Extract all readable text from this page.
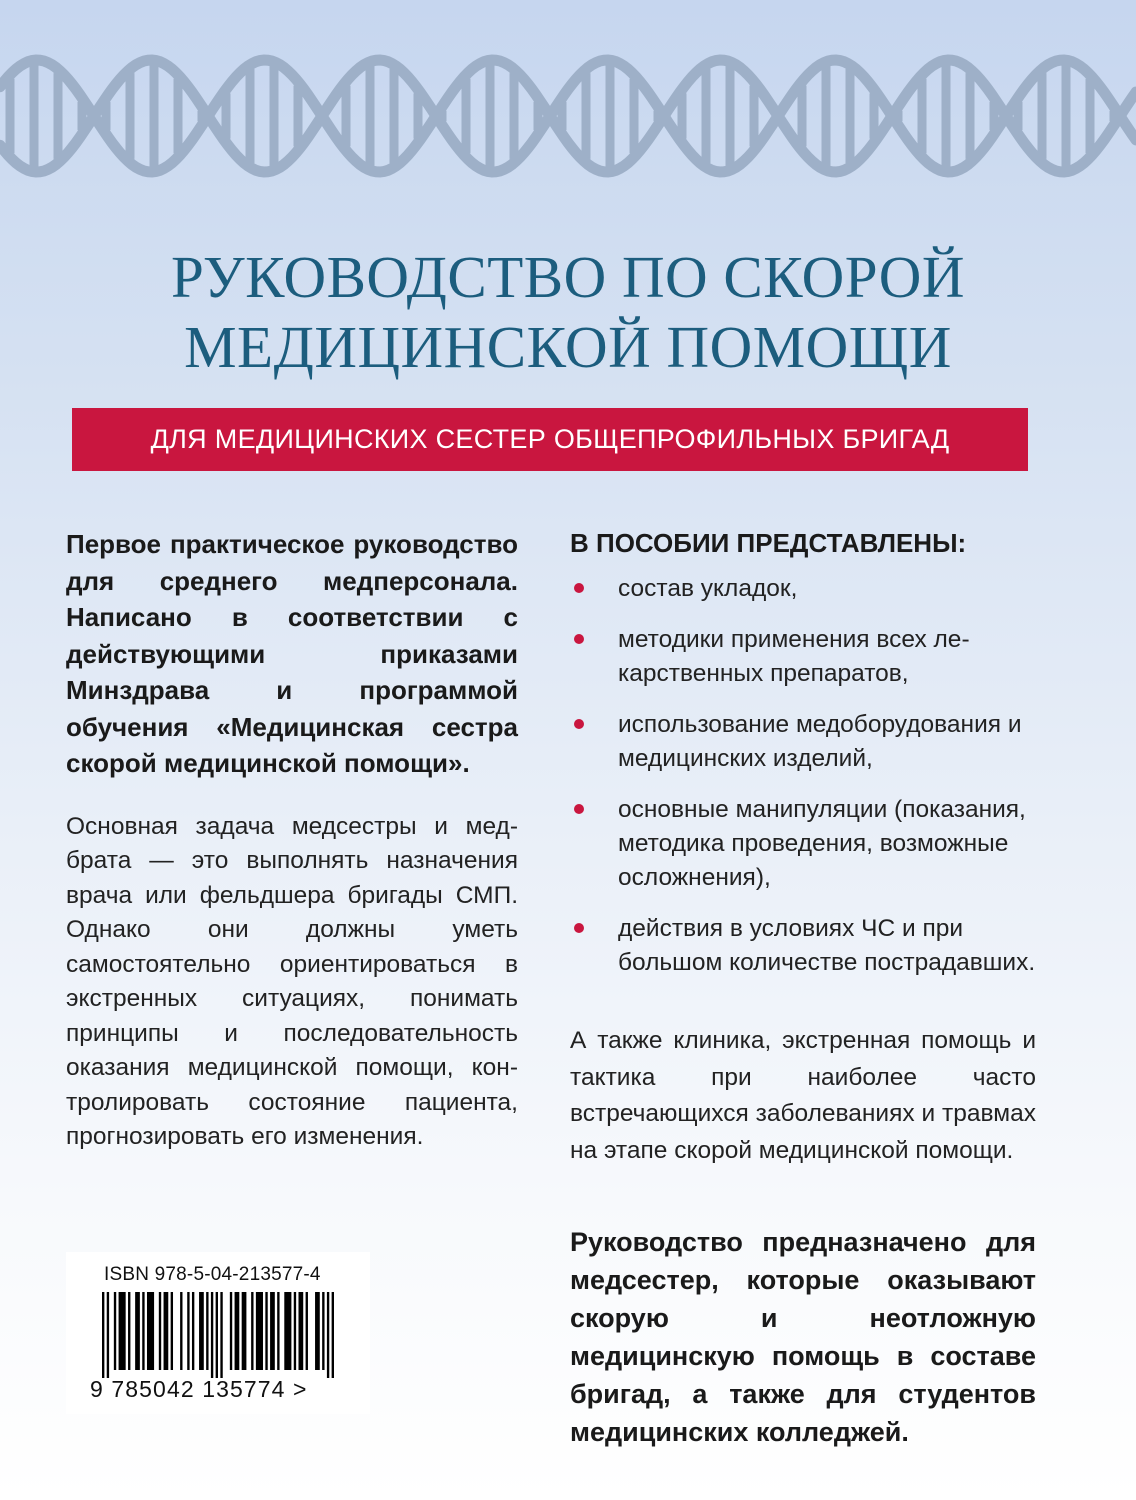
РУКОВОДСТВО ПО СКОРОЙ
МЕДИЦИНСКОЙ ПОМОЩИ
ДЛЯ МЕДИЦИНСКИХ СЕСТЕР ОБЩЕПРОФИЛЬНЫХ БРИГАД

Первое практическое руководство для среднего медперсонала. Написано в соответствии с действующими приказами Минздрава и программой обучения «Медицинская сестра скорой медицинской помощи».

Основная задача медсестры и медбрата — это выполнять назначения врача или фельдшера бригады СМП. Однако они должны уметь самостоятельно ориентироваться в экстренных ситуациях, понимать принципы и последовательность оказания медицинской помощи, контролировать состояние пациента, прогнозировать его изменения.

В ПОСОБИИ ПРЕДСТАВЛЕНЫ:
состав укладок,
методики применения всех лекарственных препаратов,
использование медоборудования и медицинских изделий,
основные манипуляции (показания, методика проведения, возможные осложнения),
действия в условиях ЧС и при большом количестве пострадавших.

А также клиника, экстренная помощь и тактика при наиболее часто встречающихся заболеваниях и травмах на этапе скорой медицинской помощи.

Руководство предназначено для медсестер, которые оказывают скорую и неотложную медицинскую помощь в составе бригад, а также для студентов медицинских колледжей.

ISBN 978-5-04-213577-4
9 785042 135774 >
